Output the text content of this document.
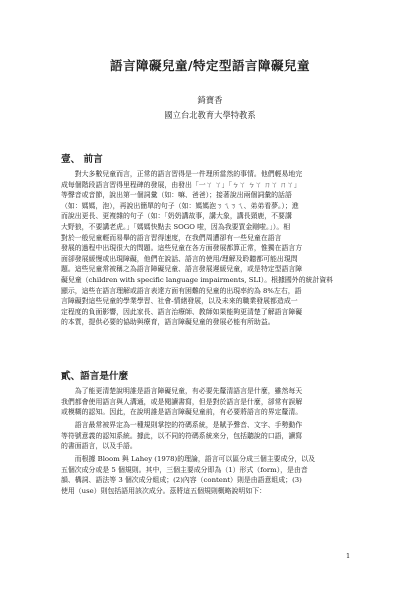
語言障礙兒童/特定型語言障礙兒童
錡寶香
國立台北教育大學特教系
壹、 前言
　　對大多數兒童而言，正常的語言習得是一件理所當然的事情。他們輕易地完
成每個階段語言習得里程碑的發展，由發出「一ㄚ ㄚ」「ㄅㄚ ㄅㄚ ㄇㄚ ㄇㄚ」
等聲音或音節，說出第一個詞彙（如：嘛、爸爸）；接著說出兩個詞彙的話語
（如：媽媽，泡），再說出簡單的句子（如：媽媽泡ㄋㄟㄋㄟ、弟弟看夢。）；進
而說出更長、更複雜的句子（如：「奶奶講故事，講大象，講長頸鹿，不要講
大野狼，不要講老虎。」「媽媽快點去 SOGO 啦，因為我要買金剛啦。」）。相
對於一般兒童輕而易舉的語言習得速度，在我們周遭卻有一些兒童在語言
發展的過程中出現很大的問題。這些兒童在各方面發展都算正常，惟獨在語言方
面卻發展緩慢或出現障礙，他們在說話、語言的使用/理解及聆聽都可能出現問
題。這些兒童常被稱之為語言障礙兒童、語言發展遲緩兒童，或是特定型語言障
礙兒童（children with specific language impairments, SLI）。根據國外的統計資料
顯示，這些在語言理解或語言表達方面有困難的兒童的出現率約為 8%左右，語
言障礙對這些兒童的學業學習、社會-情緒發展，以及未來的職業發展都造成一
定程度的負面影響，因此家長、語言治療師、教師如果能夠更清楚了解語言障礙
的本質，提供必要的協助與療育，語言障礙兒童的發展必能有所助益。
貳、語言是什麼
　　為了能更清楚說明誰是語言障礙兒童，有必要先釐清語言是什麼，雖然每天
我們都會使用語言與人溝通，或是閱讀書寫，但是對於語言是什麼，卻常有誤解
或模糊的認知。因此，在說明誰是語言障礙兒童前，有必要將語言的界定釐清。
　　語言最常被界定為一種規則掌控的符碼系統，是賦予聲音、文字、手勢動作
等符號意義的認知系統。據此，以不同的符碼系統來分，包括聽說的口語，讀寫
的書面語言，以及手語。
　　而根據 Bloom 與 Lahey (1978)的理論，語言可以區分成三個主要成分，以及
五個次成分或是 5 個規則。其中，三個主要成分即為（1）形式（form），是由音
韻、構詞、語法等 3 個次成分組成；(2)內容（content）則是由語意組成；(3)
使用（use）則包括語用該次成分。茲將這五個規則概略說明如下：
1
